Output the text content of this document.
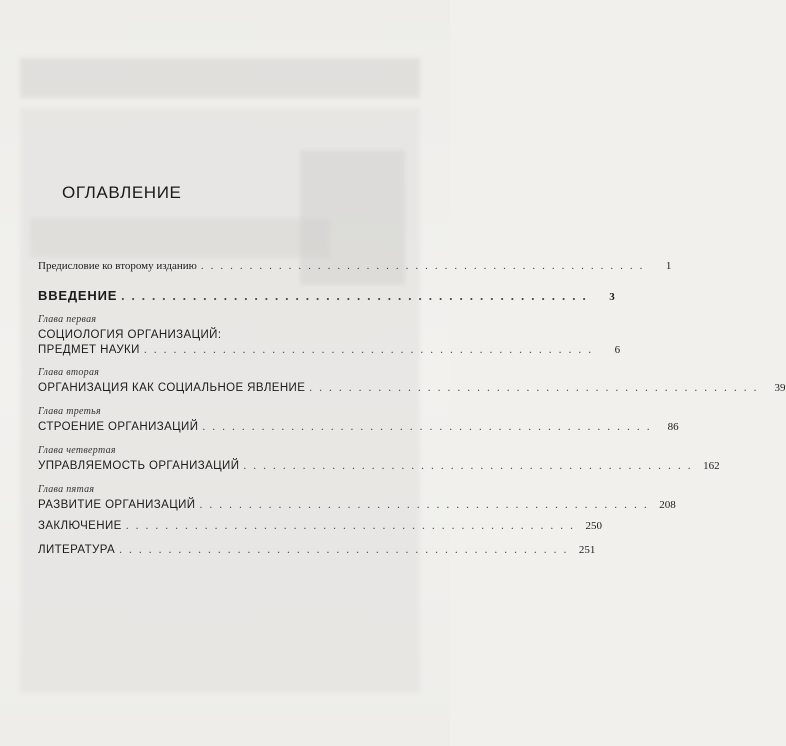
ОГЛАВЛЕНИЕ
Предисловие ко второму изданию ..............................................	1
ВВЕДЕНИЕ ..............................................	3
Глава первая
СОЦИОЛОГИЯ ОРГАНИЗАЦИЙ:
ПРЕДМЕТ НАУКИ ..............................................	6
Глава вторая
ОРГАНИЗАЦИЯ КАК СОЦИАЛЬНОЕ ЯВЛЕНИЕ ..............................................	39
Глава третья
СТРОЕНИЕ ОРГАНИЗАЦИЙ ..............................................	86
Глава четвертая
УПРАВЛЯЕМОСТЬ ОРГАНИЗАЦИЙ .............................................. 162
Глава пятая
РАЗВИТИЕ ОРГАНИЗАЦИЙ .............................................. 208
ЗАКЛЮЧЕНИЕ .............................................. 250
ЛИТЕРАТУРА .............................................. 251
